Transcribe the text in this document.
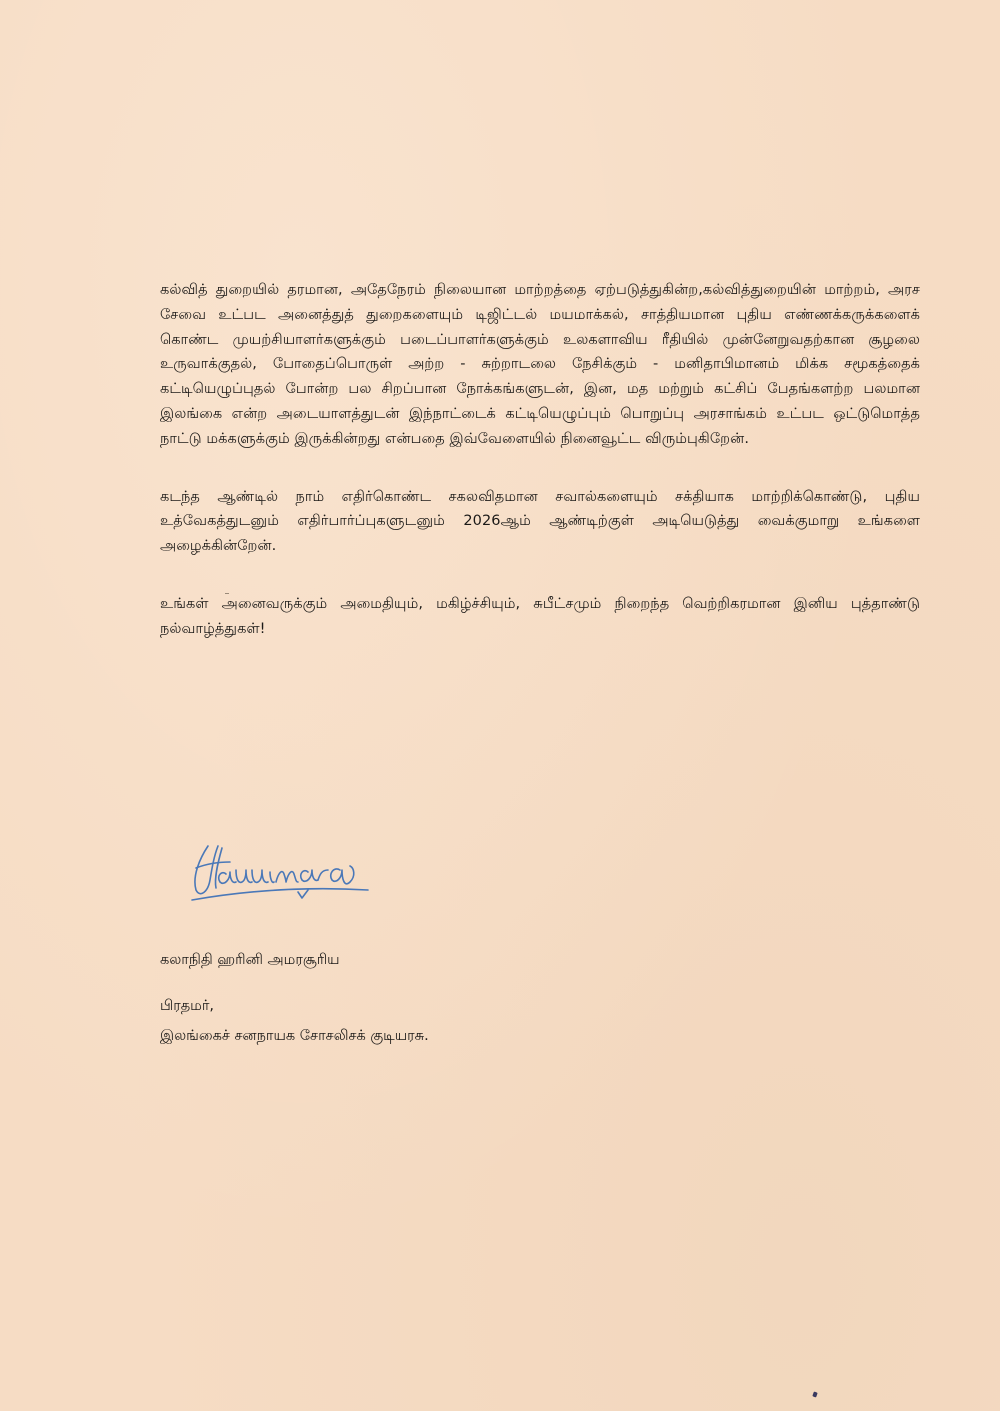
கல்வித் துறையில் தரமான, அதேநேரம் நிலையான மாற்றத்தை ஏற்படுத்துகின்ற,கல்வித்துறையின் மாற்றம், அரச சேவை உட்பட அனைத்துத் துறைகளையும் டிஜிட்டல் மயமாக்கல், சாத்தியமான புதிய எண்ணக்கருக்களைக் கொண்ட முயற்சியாளர்களுக்கும் படைப்பாளர்களுக்கும் உலகளாவிய ரீதியில் முன்னேறுவதற்கான சூழலை உருவாக்குதல், போதைப்பொருள் அற்ற - சுற்றாடலை நேசிக்கும் - மனிதாபிமானம் மிக்க சமூகத்தைக் கட்டியெழுப்புதல் போன்ற பல சிறப்பான நோக்கங்களுடன், இன, மத மற்றும் கட்சிப் பேதங்களற்ற பலமான இலங்கை என்ற அடையாளத்துடன் இந்நாட்டைக் கட்டியெழுப்பும் பொறுப்பு அரசாங்கம் உட்பட ஒட்டுமொத்த நாட்டு மக்களுக்கும் இருக்கின்றது என்பதை இவ்வேளையில் நினைவூட்ட விரும்புகிறேன்.

கடந்த ஆண்டில் நாம் எதிர்கொண்ட சகலவிதமான சவால்களையும் சக்தியாக மாற்றிக்கொண்டு, புதிய உத்வேகத்துடனும் எதிர்பார்ப்புகளுடனும் 2026ஆம் ஆண்டிற்குள் அடியெடுத்து வைக்குமாறு உங்களை அழைக்கின்றேன்.

உங்கள் அனைவருக்கும் அமைதியும், மகிழ்ச்சியும், சுபீட்சமும் நிறைந்த வெற்றிகரமான இனிய புத்தாண்டு நல்வாழ்த்துகள்!

கலாநிதி ஹரினி அமரசூரிய
பிரதமர்,
இலங்கைச் சனநாயக சோசலிசக் குடியரசு.
